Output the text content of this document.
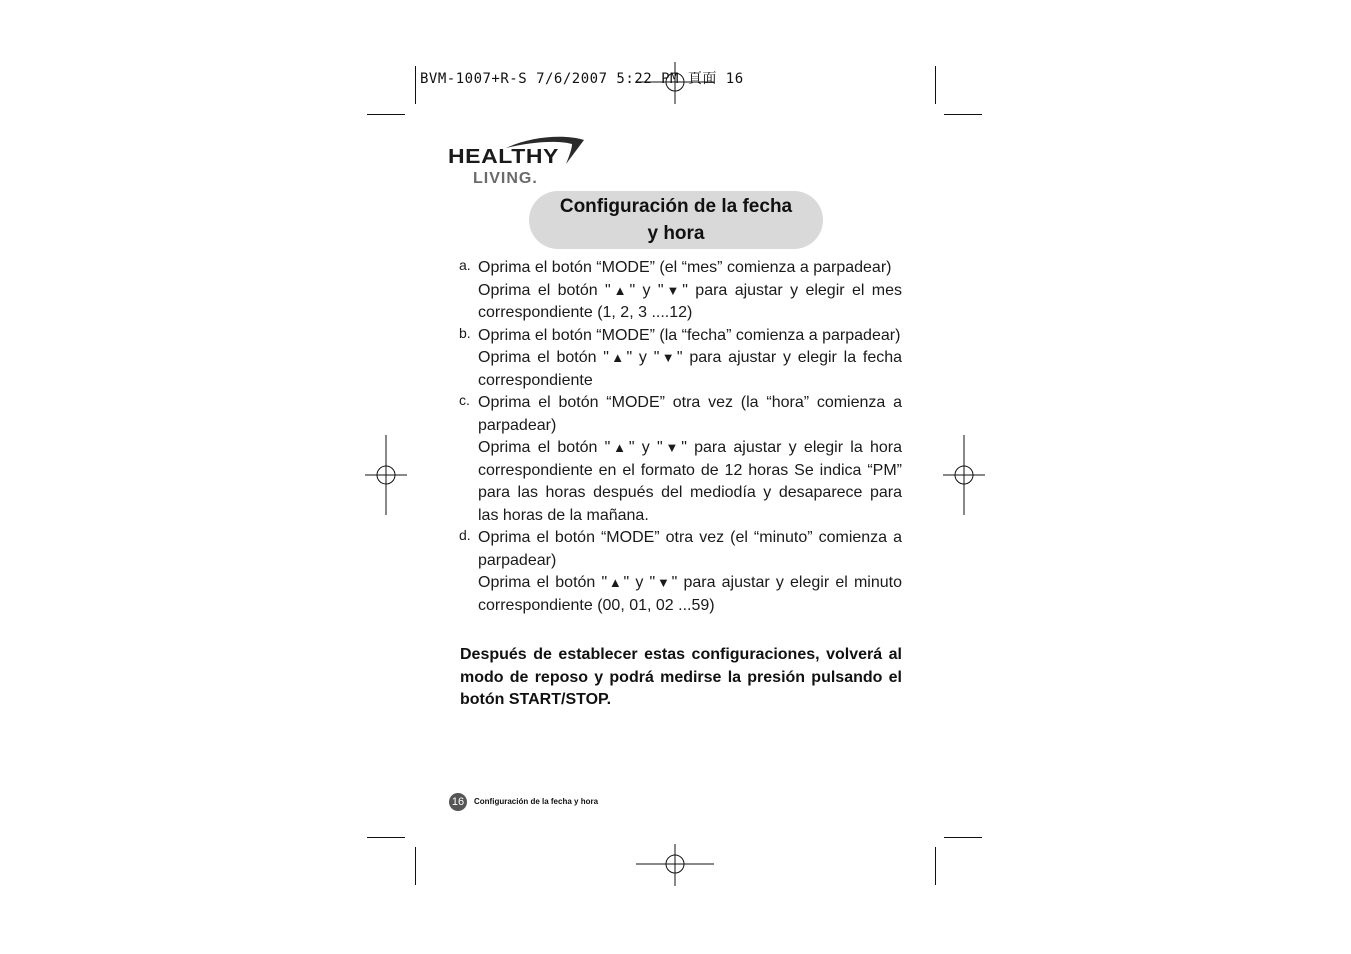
BVM-1007+R-S 7/6/2007 5:22 PM 頁面 16
HEALTHY
LIVING.
Configuración de la fecha
y hora
a. Oprima el botón “MODE” (el “mes” comienza a parpadear)

Oprima el botón "▲" y "▼" para ajustar y elegir el mes correspondiente (1, 2, 3 ....12)

b. Oprima el botón “MODE” (la “fecha” comienza a parpadear)

Oprima el botón "▲" y "▼" para ajustar y elegir la fecha correspondiente

c. Oprima el botón “MODE” otra vez (la “hora” comienza a parpadear)

Oprima el botón "▲" y "▼" para ajustar y elegir la hora correspondiente en el formato de 12 horas Se indica “PM” para las horas después del mediodía y desaparece para las horas de la mañana.

d. Oprima el botón “MODE” otra vez (el “minuto” comienza a parpadear)

Oprima el botón "▲" y "▼" para ajustar y elegir el minuto correspondiente (00, 01, 02 ...59)

Después de establecer estas configuraciones, volverá al modo de reposo y podrá medirse la presión pulsando el botón START/STOP.
16	Configuración de la fecha y hora
